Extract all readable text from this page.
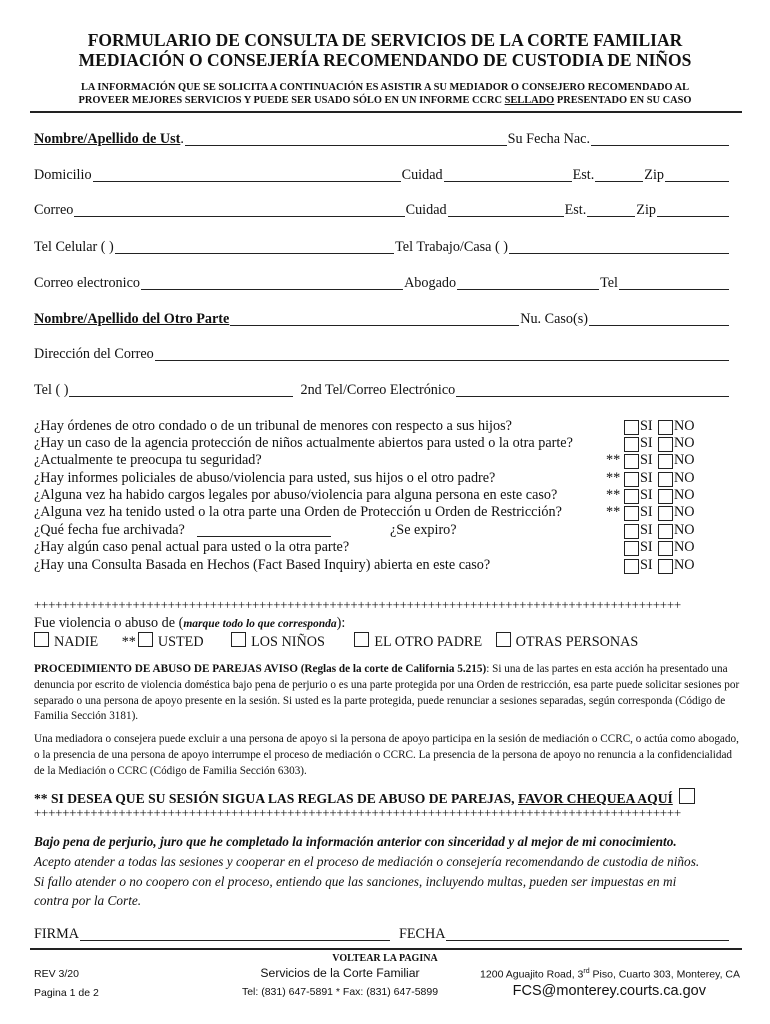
FORMULARIO DE CONSULTA DE SERVICIOS DE LA CORTE FAMILIAR
MEDIACIÓN O CONSEJERÍA RECOMENDANDO DE CUSTODIA DE NIÑOS
LA INFORMACIÓN QUE SE SOLICITA A CONTINUACIÓN ES ASISTIR A SU MEDIADOR O CONSEJERO RECOMENDADO AL
PROVEER MEJORES SERVICIOS Y PUEDE SER USADO SÓLO EN UN INFORME CCRC SELLADO PRESENTADO EN SU CASO
Nombre/Apellido de Ust .	Su Fecha Nac.
Domicilio	Cuidad	Est.	Zip
Correo	Cuidad	Est.	Zip
Tel Celular ( )	Tel Trabajo/Casa ( )
Correo electronico	Abogado	Tel
Nombre/Apellido del Otro Parte	Nu. Caso(s)
Dirección del Correo
Tel ( )	2nd Tel/Correo Electrónico
¿Hay órdenes de otro condado o de un tribunal de menores con respecto a sus hijos?	SI NO
¿Hay un caso de la agencia protección de niños actualmente abiertos para usted o la otra parte?	SI NO
¿Actualmente te preocupa tu seguridad?	** SI NO
¿Hay informes policiales de abuso/violencia para usted, sus hijos o el otro padre?	** SI NO
¿Alguna vez ha habido cargos legales por abuso/violencia para alguna persona en este caso?	** SI NO
¿Alguna vez ha tenido usted o la otra parte una Orden de Protección u Orden de Restricción?	** SI NO
¿Qué fecha fue archivada?	¿Se expiro?	SI NO
¿Hay algún caso penal actual para usted o la otra parte?	SI NO
¿Hay una Consulta Basada en Hechos (Fact Based Inquiry) abierta en este caso?	SI NO
++++++++++++++++++++++++++++++++++++++++++++++++++++++++++++++++++++++++++++++++++++++++++++
Fue violencia o abuso de (marque todo lo que corresponda):
NADIE ** USTED	LOS NIÑOS	EL OTRO PADRE OTRAS PERSONAS
PROCEDIMIENTO DE ABUSO DE PAREJAS AVISO (Reglas de la corte de California 5.215): Si una de las partes en esta acción ha presentado una denuncia por escrito de violencia doméstica bajo pena de perjurio o es una parte protegida por una Orden de restricción, esa parte puede solicitar sesiones por separado o una persona de apoyo presente en la sesión. Si usted es la parte protegida, puede renunciar a sesiones separadas, según corresponda (Código de Familia Sección 3181).
Una mediadora o consejera puede excluir a una persona de apoyo si la persona de apoyo participa en la sesión de mediación o CCRC, o actúa como abogado, o la presencia de una persona de apoyo interrumpe el proceso de mediación o CCRC. La presencia de la persona de apoyo no renuncia a la confidencialidad de la Mediación o CCRC (Código de Familia Sección 6303).
** SI DESEA QUE SU SESIÓN SIGUA LAS REGLAS DE ABUSO DE PAREJAS, FAVOR CHEQUEA AQUÍ
++++++++++++++++++++++++++++++++++++++++++++++++++++++++++++++++++++++++++++++++++++++++++++
Bajo pena de perjurio, juro que he completado la información anterior con sinceridad y al mejor de mi conocimiento.
Acepto atender a todas las sesiones y cooperar en el proceso de mediación o consejería recomendando de custodia de niños.
Si fallo atender o no coopero con el proceso, entiendo que las sanciones, incluyendo multas, pueden ser impuestas en mi
contra por la Corte.
FIRMA	FECHA
VOLTEAR LA PAGINA
REV 3/20
Pagina 1 de 2
Servicios de la Corte Familiar
Tel: (831) 647-5891 * Fax: (831) 647-5899
1200 Aguajito Road, 3rd Piso, Cuarto 303, Monterey, CA
FCS@monterey.courts.ca.gov
